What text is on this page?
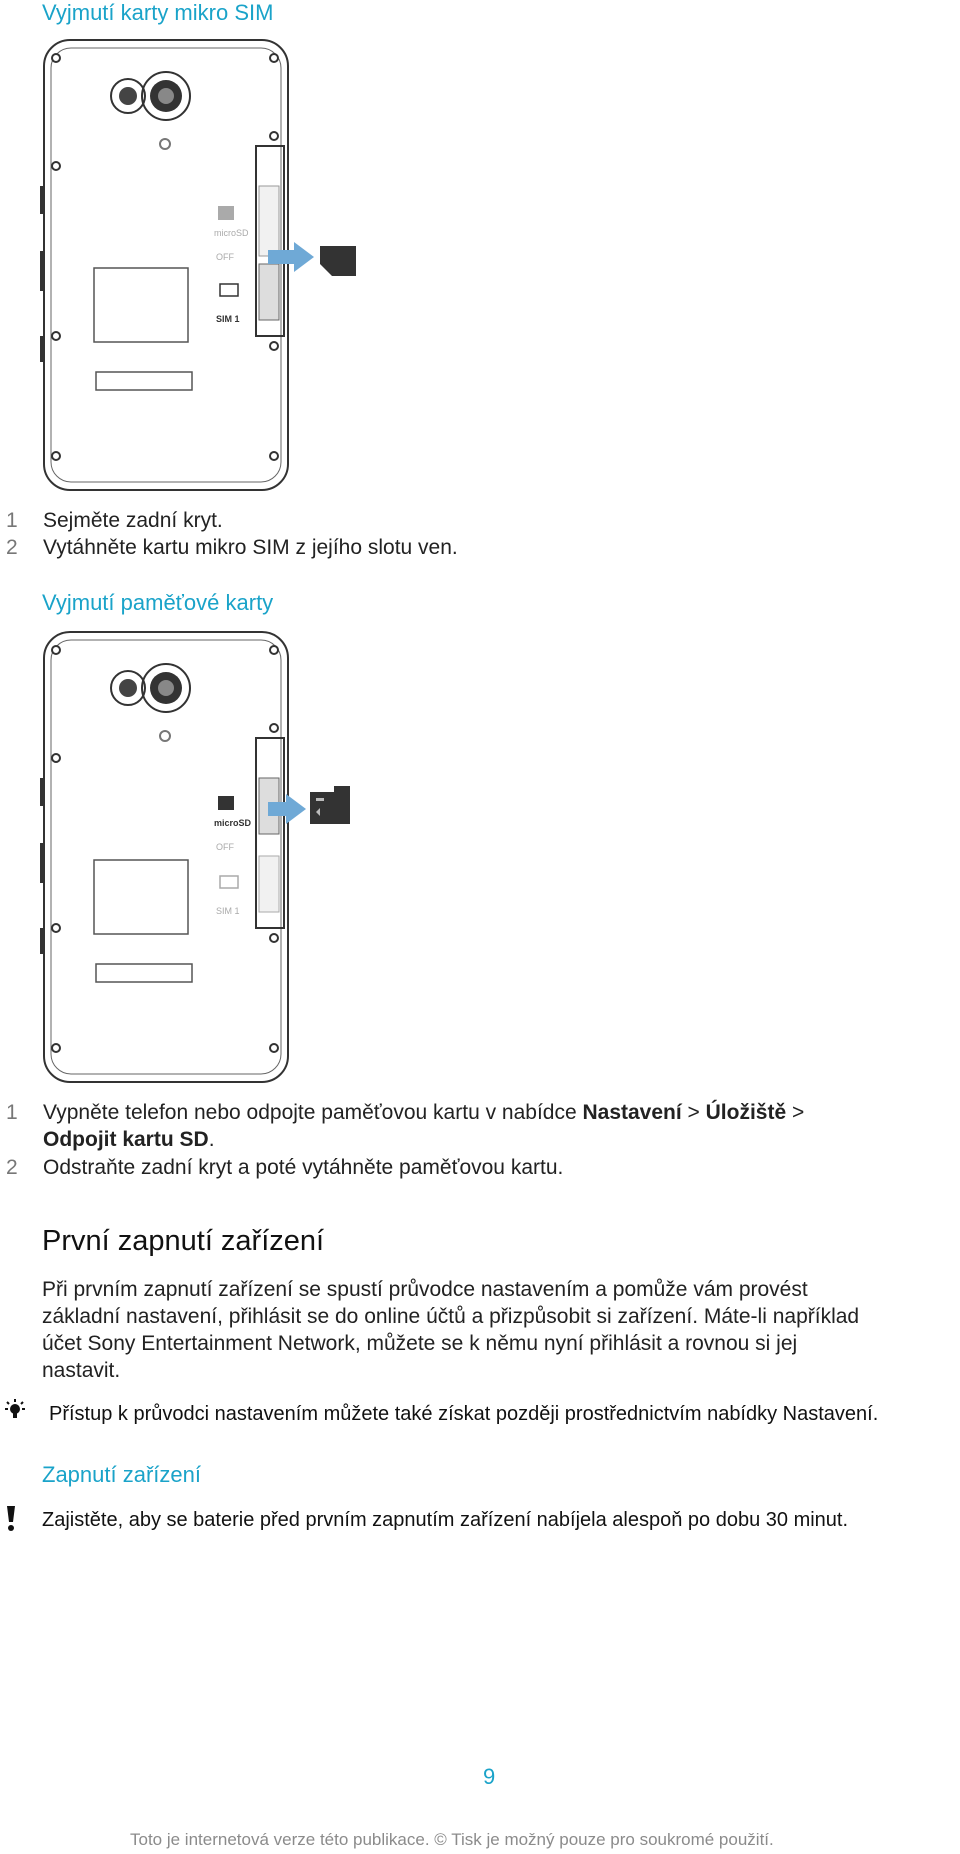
Vyjmutí karty mikro SIM
microSD
OFF
SIM 1
1 Sejměte zadní kryt.
2 Vytáhněte kartu mikro SIM z jejího slotu ven.
Vyjmutí paměťové karty
microSD
OFF
SIM 1
1 Vypněte telefon nebo odpojte paměťovou kartu v nabídce Nastavení > Úložiště >
Odpojit kartu SD.
2 Odstraňte zadní kryt a poté vytáhněte paměťovou kartu.
První zapnutí zařízení
Při prvním zapnutí zařízení se spustí průvodce nastavením a pomůže vám provést
základní nastavení, přihlásit se do online účtů a přizpůsobit si zařízení. Máte-li například
účet Sony Entertainment Network, můžete se k němu nyní přihlásit a rovnou si jej
nastavit.
Přístup k průvodci nastavením můžete také získat později prostřednictvím nabídky Nastavení.
Zapnutí zařízení
Zajistěte, aby se baterie před prvním zapnutím zařízení nabíjela alespoň po dobu 30 minut.
9
Toto je internetová verze této publikace. © Tisk je možný pouze pro soukromé použití.
